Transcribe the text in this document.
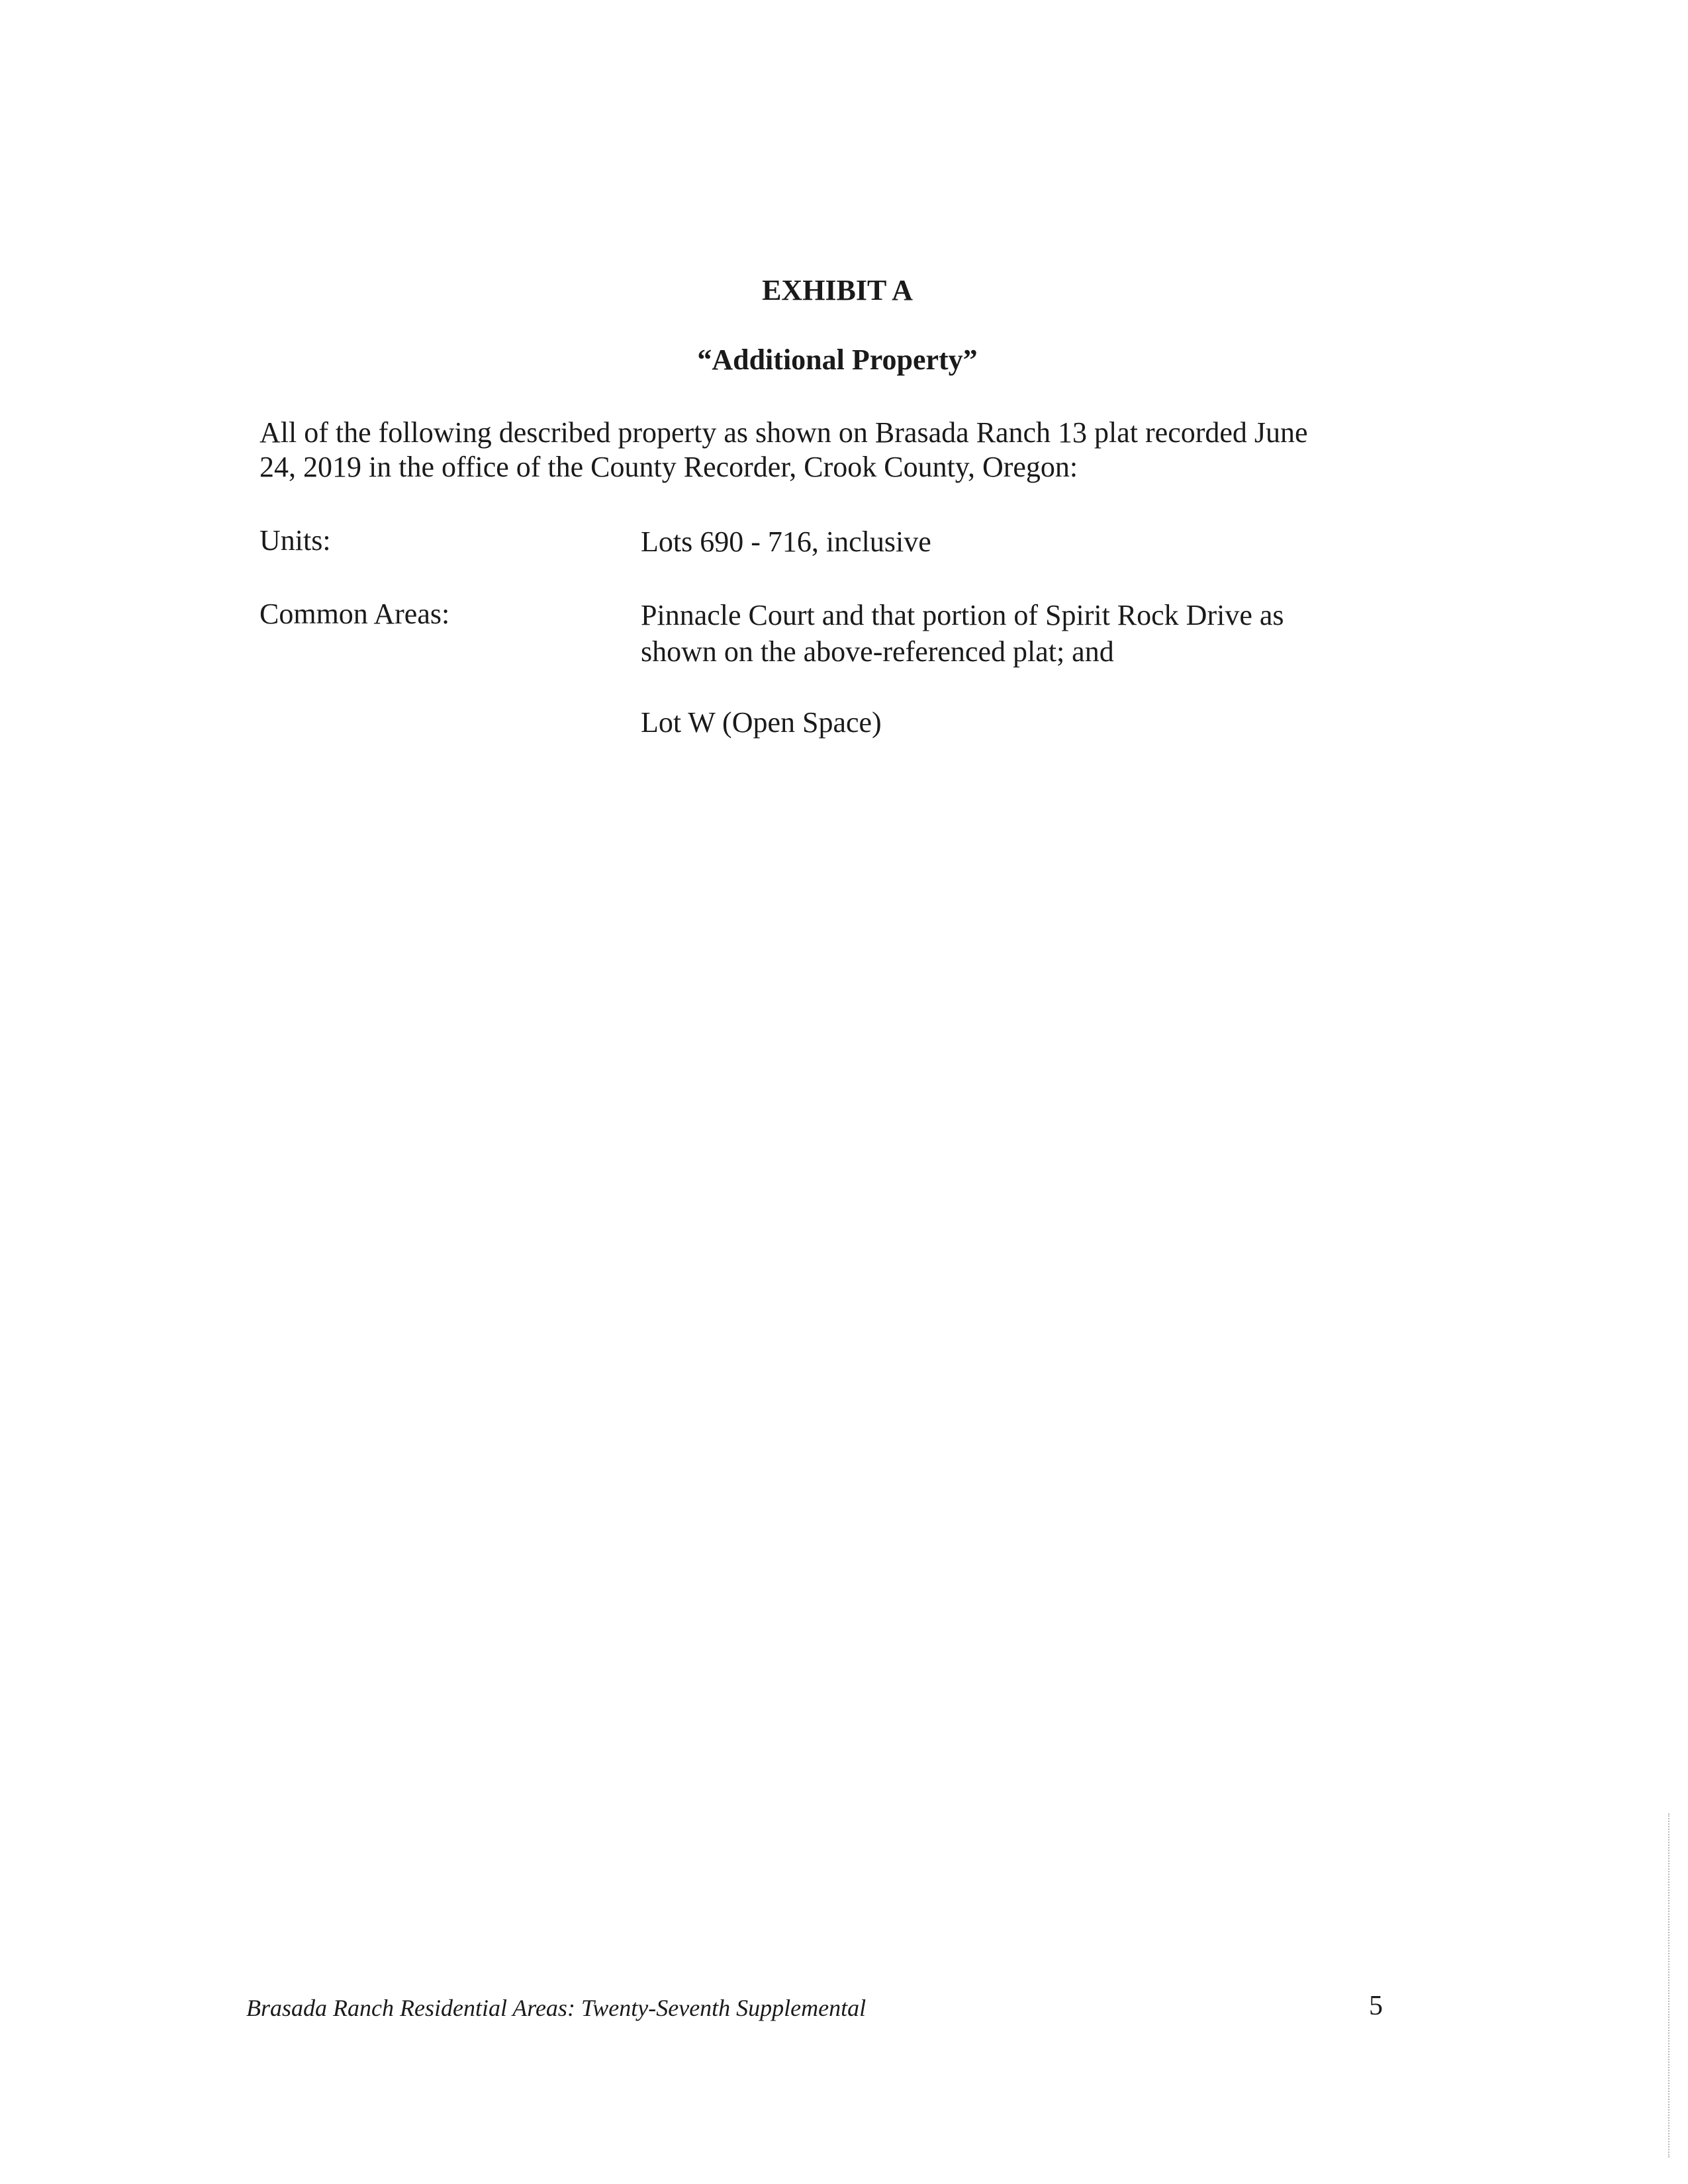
EXHIBIT A

“Additional Property”

All of the following described property as shown on Brasada Ranch 13 plat recorded June
24, 2019 in the office of the County Recorder, Crook County, Oregon:

Units:	Lots 690 - 716, inclusive

Common Areas:	Pinnacle Court and that portion of Spirit Rock Drive as
shown on the above-referenced plat; and

Lot W (Open Space)

Brasada Ranch Residential Areas: Twenty-Seventh Supplemental	5
